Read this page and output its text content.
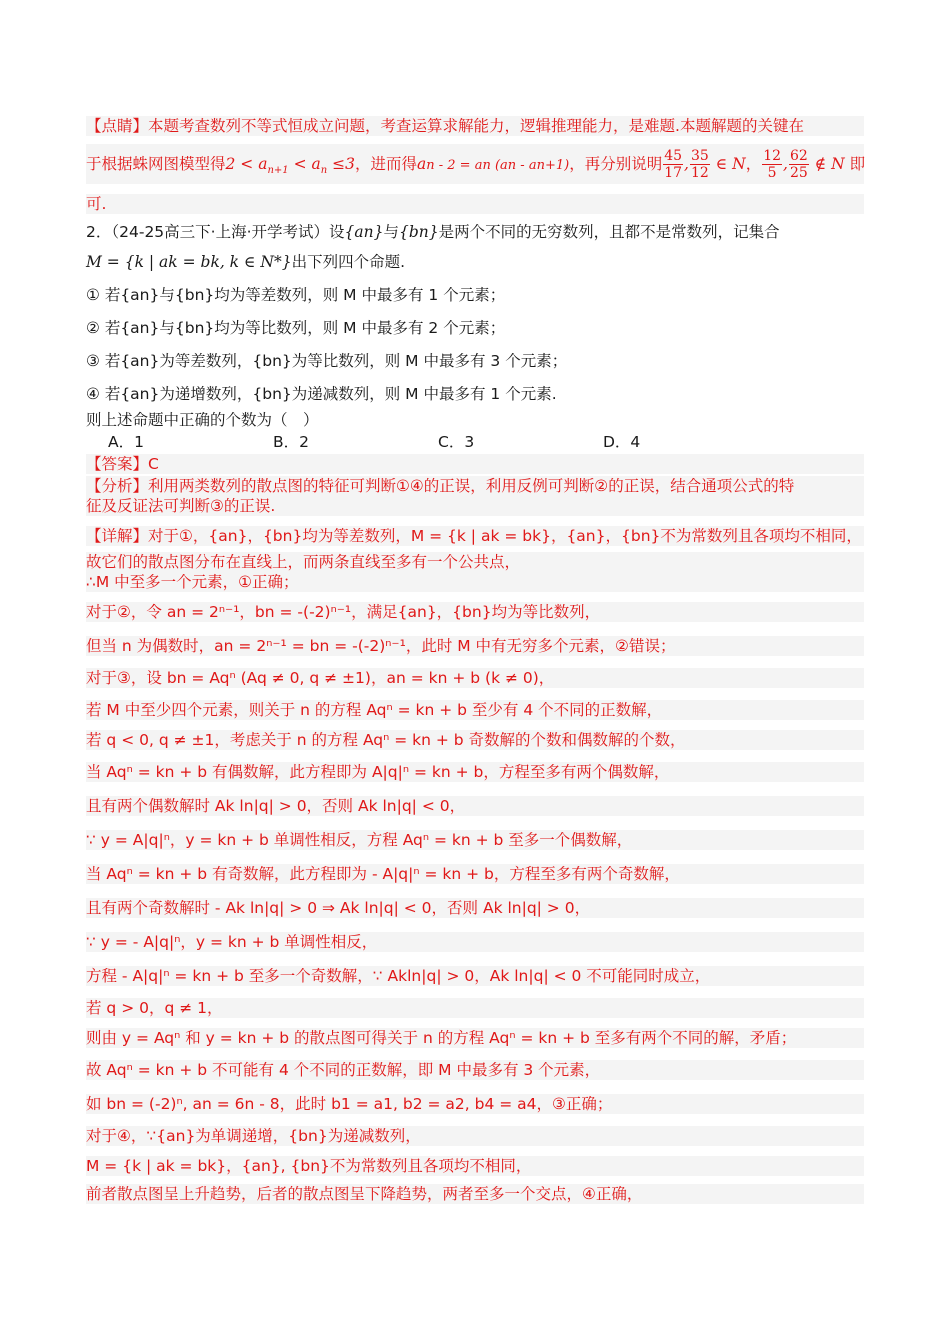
【点睛】本题考查数列不等式恒成立问题，考查运算求解能力，逻辑推理能力，是难题.本题解题的关键在
于根据蛛网图模型得$2 < a_{n+1} < a_n \le 3$，进而得an - 2 = an (an - an+1)，再分别说明 $\frac{45}{17}$ , $\frac{35}{12}$ ∈ N， $\frac{12}{5}$ , $\frac{62}{25}$ ∉ N 即
可.
2．（24-25高三下·上海·开学考试）设{an}与{bn}是两个不同的无穷数列，且都不是常数列，记集合
M = {k | ak = bk, k ∈ N*}出下列四个命题.
① 若{an}与{bn}均为等差数列，则 M 中最多有 1 个元素；
② 若{an}与{bn}均为等比数列，则 M 中最多有 2 个元素；
③ 若{an}为等差数列，{bn}为等比数列，则 M 中最多有 3 个元素；
④ 若{an}为递增数列，{bn}为递减数列，则 M 中最多有 1 个元素.
则上述命题中正确的个数为（　）
A．1	B．2	C．3	D．4
【答案】C
【分析】利用两类数列的散点图的特征可判断①④的正误，利用反例可判断②的正误，结合通项公式的特
征及反证法可判断③的正误.
【详解】对于①，{an}，{bn}均为等差数列，M = {k | ak = bk}，{an}，{bn}不为常数列且各项均不相同，
故它们的散点图分布在直线上，而两条直线至多有一个公共点，
∴M 中至多一个元素，①正确；
对于②，令 an = 2ⁿ⁻¹，bn = -(-2)ⁿ⁻¹，满足{an}，{bn}均为等比数列，
但当 n 为偶数时，an = 2ⁿ⁻¹ = bn = -(-2)ⁿ⁻¹，此时 M 中有无穷多个元素，②错误；
对于③，设 bn = Aqⁿ (Aq ≠ 0, q ≠ ±1)，an = kn + b (k ≠ 0)，
若 M 中至少四个元素，则关于 n 的方程 Aqⁿ = kn + b 至少有 4 个不同的正数解，
若 q < 0, q ≠ ±1，考虑关于 n 的方程 Aqⁿ = kn + b 奇数解的个数和偶数解的个数，
当 Aqⁿ = kn + b 有偶数解，此方程即为 A|q|ⁿ = kn + b，方程至多有两个偶数解，
且有两个偶数解时 Ak ln|q| > 0，否则 Ak ln|q| < 0，
∵ y = A|q|ⁿ，y = kn + b 单调性相反，方程 Aqⁿ = kn + b 至多一个偶数解，
当 Aqⁿ = kn + b 有奇数解，此方程即为 - A|q|ⁿ = kn + b，方程至多有两个奇数解，
且有两个奇数解时 - Ak ln|q| > 0 ⇒ Ak ln|q| < 0，否则 Ak ln|q| > 0，
∵ y = - A|q|ⁿ，y = kn + b 单调性相反，
方程 - A|q|ⁿ = kn + b 至多一个奇数解，∵ Akln|q| > 0，Ak ln|q| < 0 不可能同时成立，
若 q > 0，q ≠ 1，
则由 y = Aqⁿ 和 y = kn + b 的散点图可得关于 n 的方程 Aqⁿ = kn + b 至多有两个不同的解，矛盾；
故 Aqⁿ = kn + b 不可能有 4 个不同的正数解，即 M 中最多有 3 个元素，
如 bn = (-2)ⁿ, an = 6n - 8，此时 b1 = a1, b2 = a2, b4 = a4，③正确；
对于④，∵{an}为单调递增，{bn}为递减数列，
M = {k | ak = bk}，{an}, {bn}不为常数列且各项均不相同，
前者散点图呈上升趋势，后者的散点图呈下降趋势，两者至多一个交点，④正确，
